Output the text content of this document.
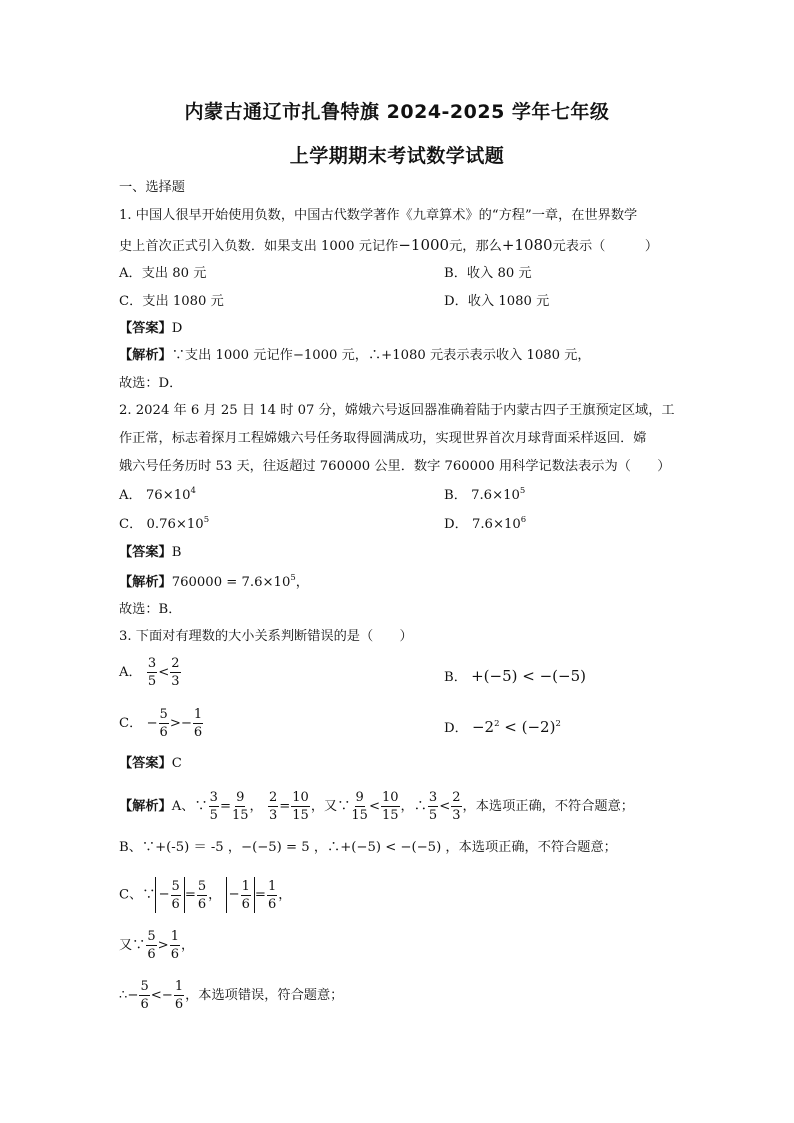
内蒙古通辽市扎鲁特旗 2024-2025 学年七年级
上学期期末考试数学试题
一、选择题
1. 中国人很早开始使用负数，中国古代数学著作《九章算术》的“方程”一章，在世界数学
史上首次正式引入负数．如果支出 1000 元记作−1000元，那么+1080元表示（　　　）
A．支出 80 元	B．收入 80 元
C．支出 1080 元	D．收入 1080 元
【答案】D
【解析】∵支出 1000 元记作−1000 元，∴+1080 元表示表示收入 1080 元，
故选：D．
2. 2024 年 6 月 25 日 14 时 07 分，嫦娥六号返回器准确着陆于内蒙古四子王旗预定区域，工
作正常，标志着探月工程嫦娥六号任务取得圆满成功，实现世界首次月球背面采样返回．嫦
娥六号任务历时 53 天，往返超过 760000 公里．数字 760000 用科学记数法表示为（　　）
A． $76\times 10^4$	B． $7.6\times 10^5$
C． $0.76\times 10^5$	D． $7.6\times 10^6$
【答案】B
【解析】$760000 = 7.6\times 10^5$，
故选：B．
3. 下面对有理数的大小关系判断错误的是（　　）
A． $\frac{3}{5} < \frac{2}{3}$	B． +(−5) < −(−5)
C． − $\frac{5}{6} >- \frac{1}{6}$	D． $-2^2 < (-2)^2$
【答案】C
【解析】A、∵ $\frac{3}{5} = \frac{9}{15}$ ， $\frac{2}{3} = \frac{10}{15}$ ，又∵ $\frac{9}{15} < \frac{10}{15}$ ，∴ $\frac{3}{5} < \frac{2}{3}$ ，本选项正确，不符合题意；
B、∵+(-5) ＝ -5 ，−(−5) = 5 ，∴+(−5) < −(−5) ，本选项正确，不符合题意；
C、∵ − $\frac{5}{6} = \frac{5}{6}$ ， − $\frac{1}{6} = \frac{1}{6}$ ，
又∵ $\frac{5}{6} > \frac{1}{6}$ ，
∴− $\frac{5}{6} <- \frac{1}{6}$ ，本选项错误，符合题意；
